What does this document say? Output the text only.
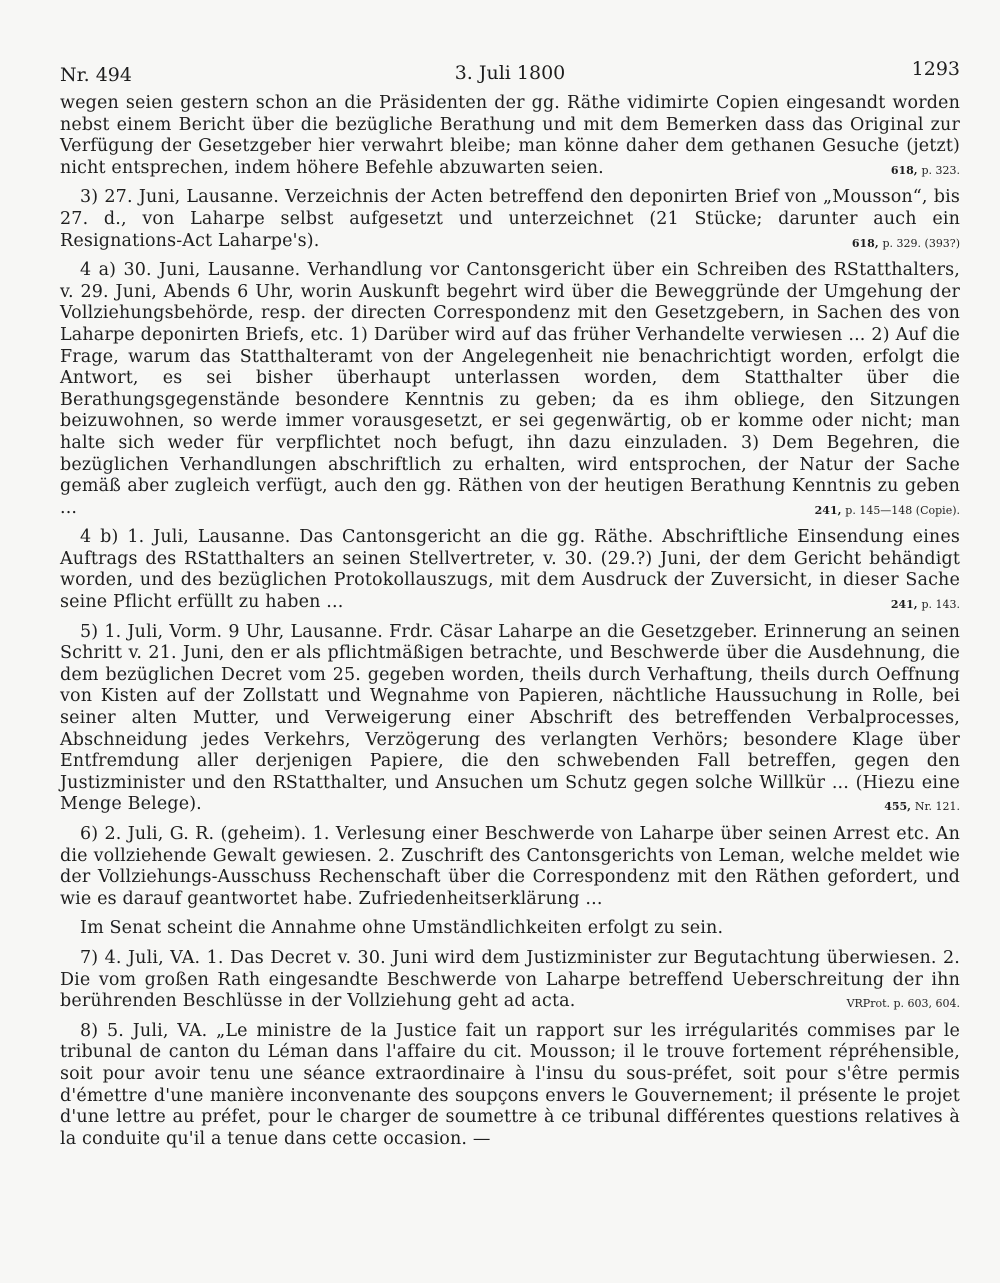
Nr. 494	3. Juli 1800	1293

wegen seien gestern schon an die Präsidenten der gg. Räthe vidimirte Copien eingesandt worden nebst einem Bericht über die bezügliche Berathung und mit dem Bemerken dass das Original zur Verfügung der Gesetzgeber hier verwahrt bleibe; man könne daher dem gethanen Gesuche (jetzt) nicht entsprechen, indem höhere Befehle abzuwarten seien.	618, p. 323.

3) 27. Juni, Lausanne. Verzeichnis der Acten betreffend den deponirten Brief von „Mousson“, bis 27. d., von Laharpe selbst aufgesetzt und unterzeichnet (21 Stücke; darunter auch ein Resignations-Act Laharpe's).	618, p. 329. (393?)

4 a) 30. Juni, Lausanne. Verhandlung vor Cantonsgericht über ein Schreiben des RStatthalters, v. 29. Juni, Abends 6 Uhr, worin Auskunft begehrt wird über die Beweggründe der Umgehung der Vollziehungsbehörde, resp. der directen Correspondenz mit den Gesetzgebern, in Sachen des von Laharpe deponirten Briefs, etc. 1) Darüber wird auf das früher Verhandelte verwiesen ... 2) Auf die Frage, warum das Statthalteramt von der Angelegenheit nie benachrichtigt worden, erfolgt die Antwort, es sei bisher überhaupt unterlassen worden, dem Statthalter über die Berathungsgegenstände besondere Kenntnis zu geben; da es ihm obliege, den Sitzungen beizuwohnen, so werde immer vorausgesetzt, er sei gegenwärtig, ob er komme oder nicht; man halte sich weder für verpflichtet noch befugt, ihn dazu einzuladen. 3) Dem Begehren, die bezüglichen Verhandlungen abschriftlich zu erhalten, wird entsprochen, der Natur der Sache gemäß aber zugleich verfügt, auch den gg. Räthen von der heutigen Berathung Kenntnis zu geben ...	241, p. 145—148 (Copie).

4 b) 1. Juli, Lausanne. Das Cantonsgericht an die gg. Räthe. Abschriftliche Einsendung eines Auftrags des RStatthalters an seinen Stellvertreter, v. 30. (29.?) Juni, der dem Gericht behändigt worden, und des bezüglichen Protokollauszugs, mit dem Ausdruck der Zuversicht, in dieser Sache seine Pflicht erfüllt zu haben ...	241, p. 143.

5) 1. Juli, Vorm. 9 Uhr, Lausanne. Frdr. Cäsar Laharpe an die Gesetzgeber. Erinnerung an seinen Schritt v. 21. Juni, den er als pflichtmäßigen betrachte, und Beschwerde über die Ausdehnung, die dem bezüglichen Decret vom 25. gegeben worden, theils durch Verhaftung, theils durch Oeffnung von Kisten auf der Zollstatt und Wegnahme von Papieren, nächtliche Haussuchung in Rolle, bei seiner alten Mutter, und Verweigerung einer Abschrift des betreffenden Verbalprocesses, Abschneidung jedes Verkehrs, Verzögerung des verlangten Verhörs; besondere Klage über Entfremdung aller derjenigen Papiere, die den schwebenden Fall betreffen, gegen den Justizminister und den RStatthalter, und Ansuchen um Schutz gegen solche Willkür ... (Hiezu eine Menge Belege).	455, Nr. 121.

6) 2. Juli, G. R. (geheim). 1. Verlesung einer Beschwerde von Laharpe über seinen Arrest etc. An die vollziehende Gewalt gewiesen. 2. Zuschrift des Cantonsgerichts von Leman, welche meldet wie der Vollziehungs-Ausschuss Rechenschaft über die Correspondenz mit den Räthen gefordert, und wie es darauf geantwortet habe. Zufriedenheitserklärung ...

Im Senat scheint die Annahme ohne Umständlichkeiten erfolgt zu sein.

7) 4. Juli, VA. 1. Das Decret v. 30. Juni wird dem Justizminister zur Begutachtung überwiesen. 2. Die vom großen Rath eingesandte Beschwerde von Laharpe betreffend Ueberschreitung der ihn berührenden Beschlüsse in der Vollziehung geht ad acta.	VRProt. p. 603, 604.

8) 5. Juli, VA. „Le ministre de la Justice fait un rapport sur les irrégularités commises par le tribunal de canton du Léman dans l'affaire du cit. Mousson; il le trouve fortement répréhensible, soit pour avoir tenu une séance extraordinaire à l'insu du sous-préfet, soit pour s'être permis d'émettre d'une manière inconvenante des soupçons envers le Gouvernement; il présente le projet d'une lettre au préfet, pour le charger de soumettre à ce tribunal différentes questions relatives à la conduite qu'il a tenue dans cette occasion. —
